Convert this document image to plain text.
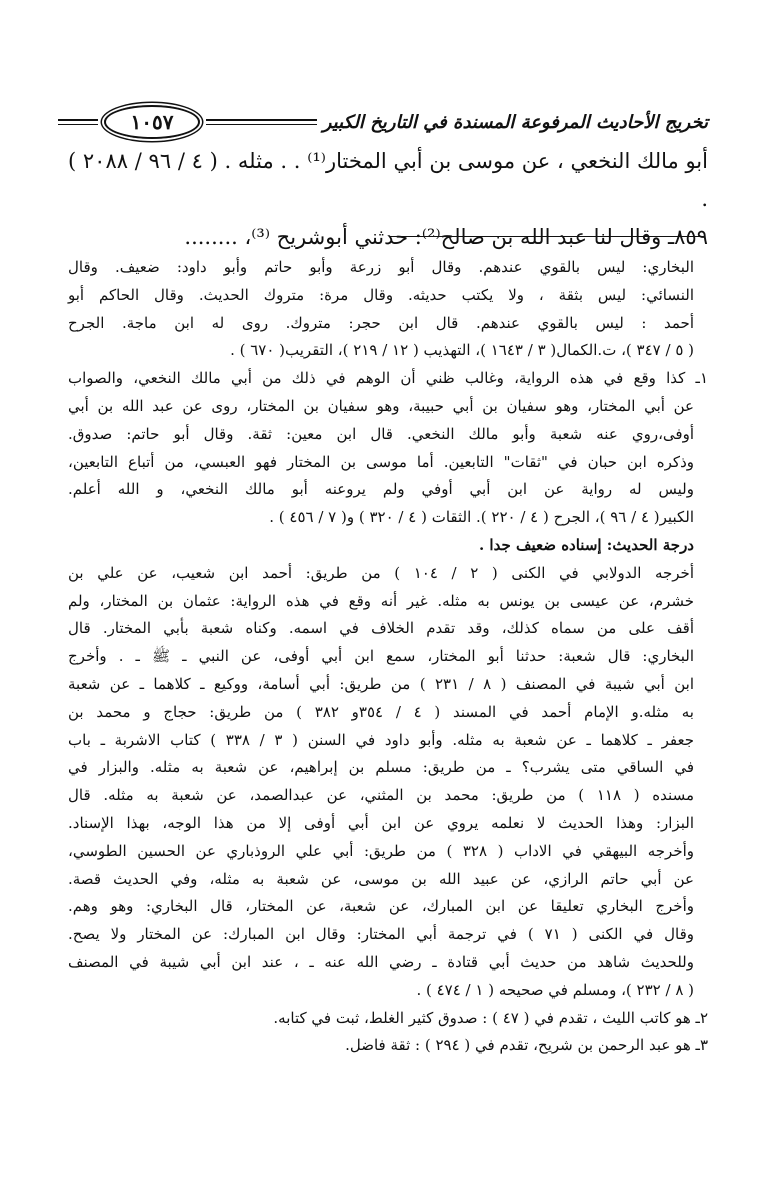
١٠٥٧	تخريج الأحاديث المرفوعة المسندة في التاريخ الكبير
أبو مالك النخعي ، عن موسى بن أبي المختار⁽¹⁾ . . مثله . ( ٤ / ٩٦ / ٢٠٨٨ ) .
٨٥٩ـ وقال لنا عبد الله بن صالح⁽²⁾: حدثني أبوشريح ⁽³⁾، ........
البخاري: ليس بالقوي عندهم. وقال أبو زرعة وأبو حاتم وأبو داود: ضعيف. وقال
النسائي: ليس بثقة ، ولا يكتب حديثه. وقال مرة: متروك الحديث. وقال الحاكم أبو
أحمد : ليس بالقوي عندهم. قال ابن حجر: متروك. روى له ابن ماجة. الجرح
( ٥ / ٣٤٧ )، ت.الكمال( ٣ / ١٦٤٣ )، التهذيب ( ١٢ / ٢١٩ )، التقريب( ٦٧٠ ) .
١ـ كذا وقع في هذه الرواية، وغالب ظني أن الوهم في ذلك من أبي مالك النخعي، والصواب
عن أبي المختار، وهو سفيان بن أبي حبيبة، وهو سفيان بن المختار، روى عن عبد الله بن أبي
أوفى،روي عنه شعبة وأبو مالك النخعي. قال ابن معين: ثقة. وقال أبو حاتم: صدوق.
وذكره ابن حبان في "ثقات" التابعين. أما موسى بن المختار فهو العبسي، من أتباع التابعين،
وليس له رواية عن ابن أبي أوفي ولم يروعنه أبو مالك النخعي، و الله أعلم.
الكبير( ٤ / ٩٦ )، الجرح ( ٤ / ٢٢٠ ). الثقات ( ٤ / ٣٢٠ ) و( ٧ / ٤٥٦ ) .
درجة الحديث: إسناده ضعيف جدا .
أخرجه الدولابي في الكنى ( ٢ / ١٠٤ ) من طريق: أحمد ابن شعيب، عن علي بن
خشرم، عن عيسى بن يونس به مثله. غير أنه وقع في هذه الرواية: عثمان بن المختار، ولم
أقف على من سماه كذلك، وقد تقدم الخلاف في اسمه. وكناه شعبة بأبي المختار. قال
البخاري: قال شعبة: حدثنا أبو المختار، سمع ابن أبي أوفى، عن النبي ـ ﷺ ـ . وأخرج
ابن أبي شيبة في المصنف ( ٨ / ٢٣١ ) من طريق: أبي أسامة، ووكيع ـ كلاهما ـ عن شعبة
به مثله.و الإمام أحمد في المسند ( ٤ / ٣٥٤و ٣٨٢ ) من طريق: حجاج و محمد بن
جعفر ـ كلاهما ـ عن شعبة به مثله. وأبو داود في السنن ( ٣ / ٣٣٨ ) كتاب الاشربة ـ باب
في الساقي متى يشرب؟ ـ من طريق: مسلم بن إبراهيم، عن شعبة به مثله. والبزار في
مسنده ( ١١٨ ) من طريق: محمد بن المثني، عن عبدالصمد، عن شعبة به مثله. قال
البزار: وهذا الحديث لا نعلمه يروي عن ابن أبي أوفى إلا من هذا الوجه، بهذا الإسناد.
وأخرجه البيهقي في الاداب ( ٣٢٨ ) من طريق: أبي علي الروذباري عن الحسين الطوسي،
عن أبي حاتم الرازي، عن عبيد الله بن موسى، عن شعبة به مثله، وفي الحديث قصة.
وأخرج البخاري تعليقا عن ابن المبارك، عن شعبة، عن المختار، قال البخاري: وهو وهم.
وقال في الكنى ( ٧١ ) في ترجمة أبي المختار: وقال ابن المبارك: عن المختار ولا يصح.
وللحديث شاهد من حديث أبي قتادة ـ رضي الله عنه ـ ، عند ابن أبي شيبة في المصنف
( ٨ / ٢٣٢ )، ومسلم في صحيحه ( ١ / ٤٧٤ ) .
٢ـ هو كاتب الليث ، تقدم في ( ٤٧ ) : صدوق كثير الغلط، ثبت في كتابه.
٣ـ هو عبد الرحمن بن شريح، تقدم في ( ٢٩٤ ) : ثقة فاضل.
